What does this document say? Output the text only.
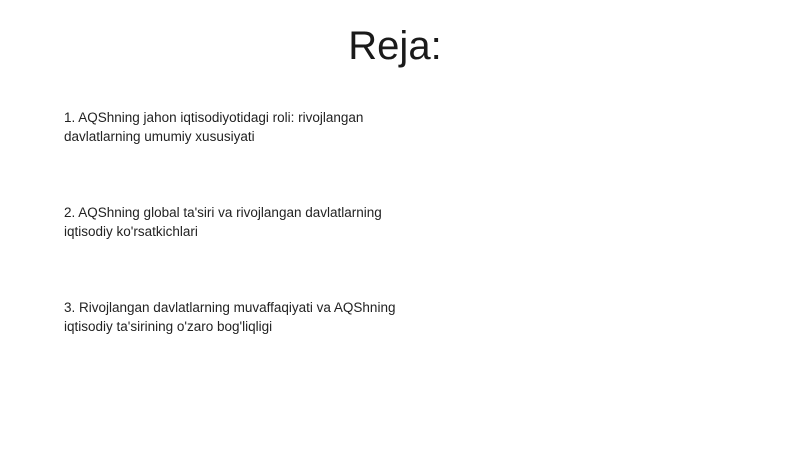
Reja:
1. AQShning jahon iqtisodiyotidagi roli: rivojlangan davlatlarning umumiy xususiyati
2. AQShning global ta'siri va rivojlangan davlatlarning iqtisodiy ko'rsatkichlari
3. Rivojlangan davlatlarning muvaffaqiyati va AQShning iqtisodiy ta'sirining o'zaro bog'liqligi
